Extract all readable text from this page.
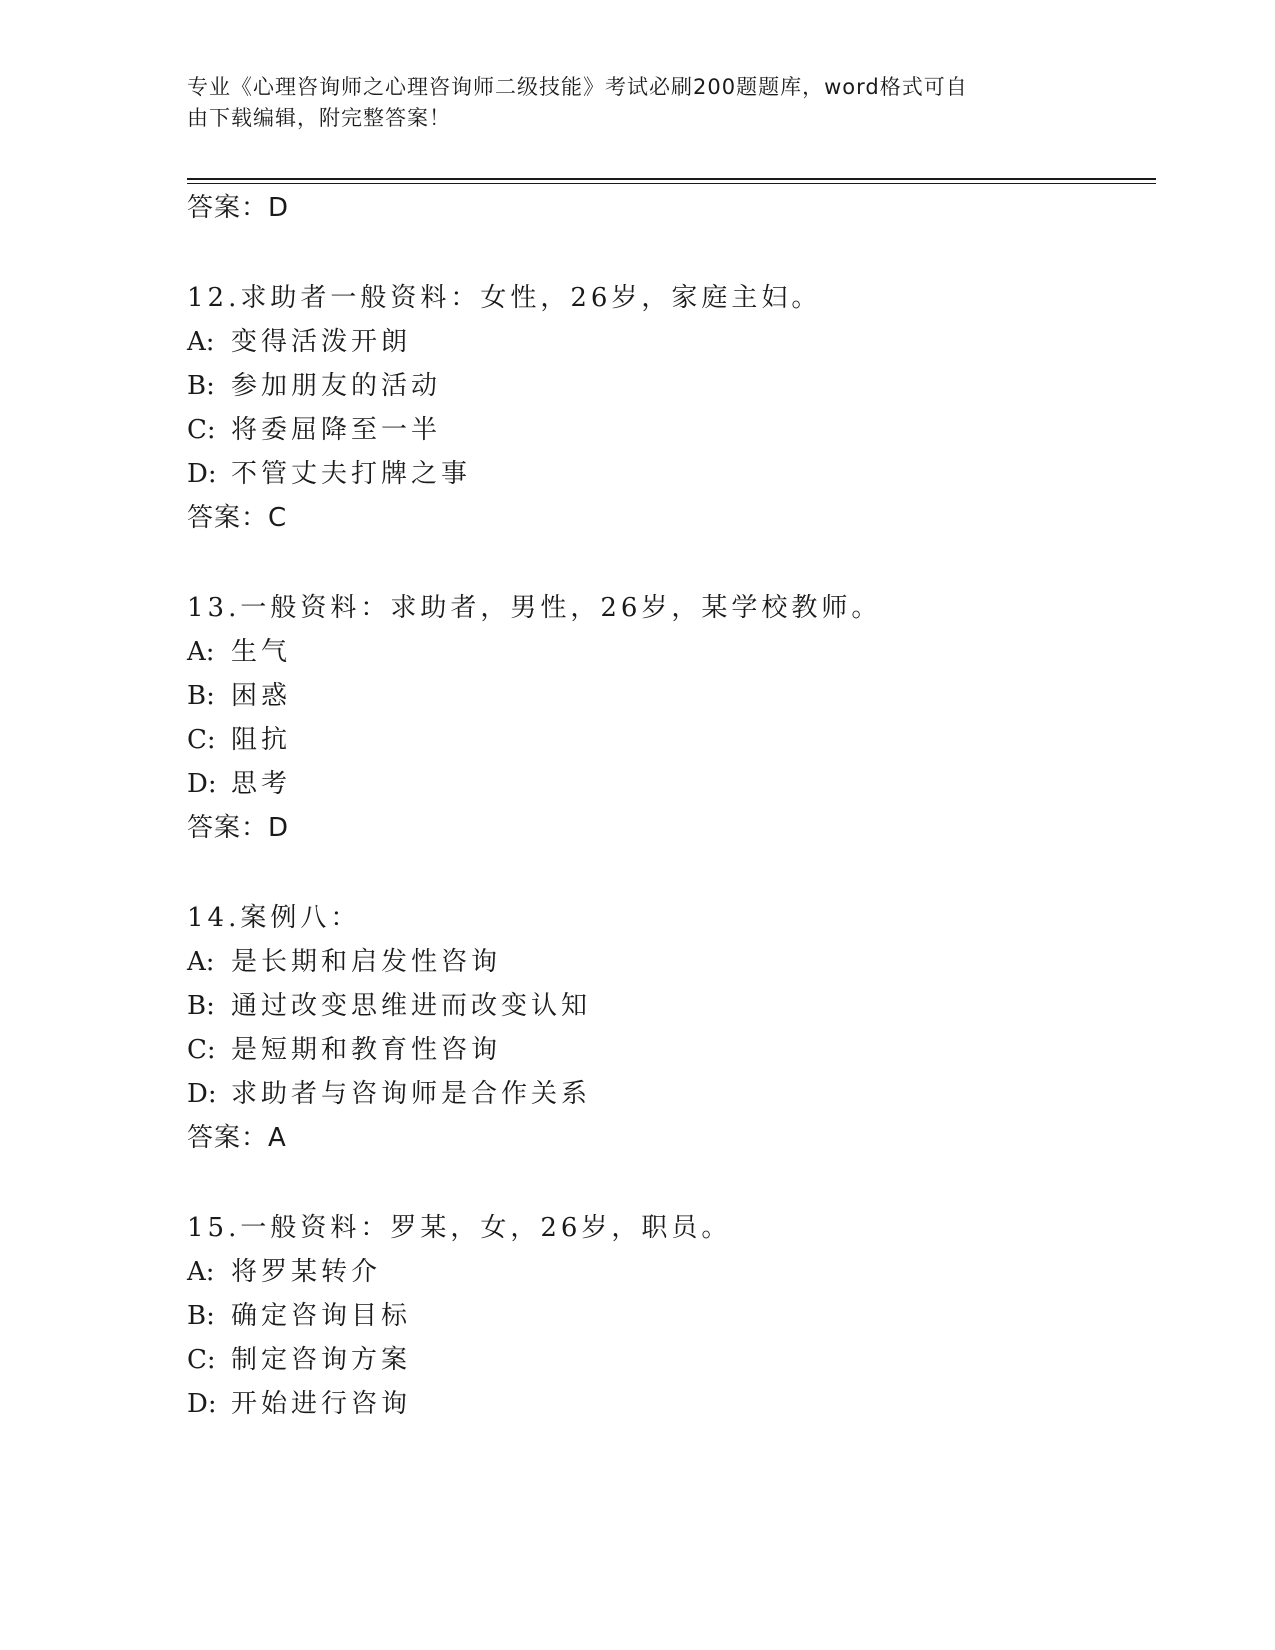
专业《心理咨询师之心理咨询师二级技能》考试必刷200题题库，word格式可自
由下载编辑，附完整答案！
答案：D
12.求助者一般资料：女性，26岁，家庭主妇。
A: 变得活泼开朗
B: 参加朋友的活动
C: 将委屈降至一半
D: 不管丈夫打牌之事
答案：C
13.一般资料：求助者，男性，26岁，某学校教师。
A: 生气
B: 困惑
C: 阻抗
D: 思考
答案：D
14.案例八：
A: 是长期和启发性咨询
B: 通过改变思维进而改变认知
C: 是短期和教育性咨询
D: 求助者与咨询师是合作关系
答案：A
15.一般资料：罗某，女，26岁，职员。
A: 将罗某转介
B: 确定咨询目标
C: 制定咨询方案
D: 开始进行咨询
